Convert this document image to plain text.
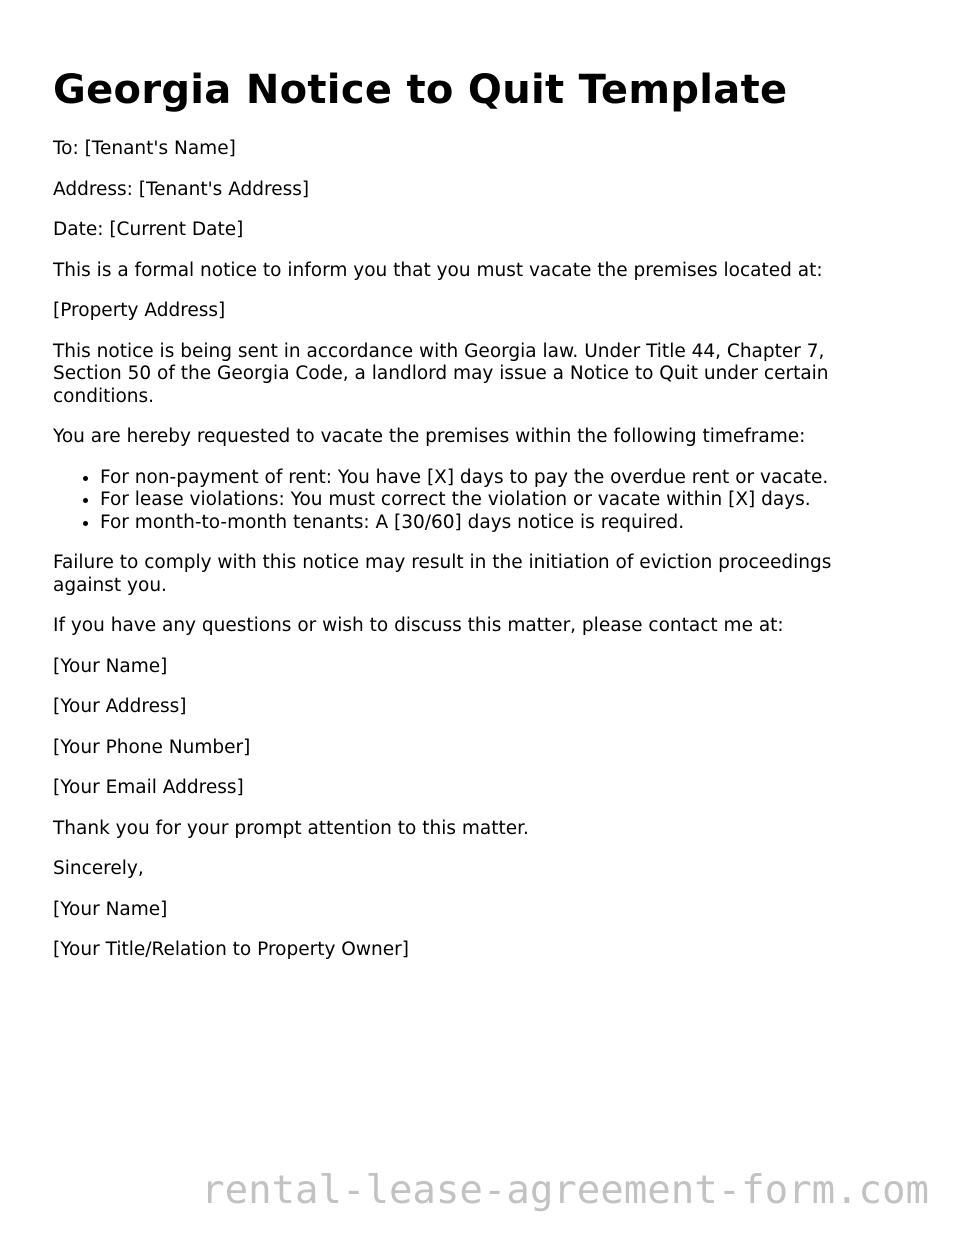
Georgia Notice to Quit Template

To: [Tenant's Name]

Address: [Tenant's Address]

Date: [Current Date]

This is a formal notice to inform you that you must vacate the premises located at:

[Property Address]

This notice is being sent in accordance with Georgia law. Under Title 44, Chapter 7, Section 50 of the Georgia Code, a landlord may issue a Notice to Quit under certain conditions.

You are hereby requested to vacate the premises within the following timeframe:

• For non-payment of rent: You have [X] days to pay the overdue rent or vacate.
• For lease violations: You must correct the violation or vacate within [X] days.
• For month-to-month tenants: A [30/60] days notice is required.

Failure to comply with this notice may result in the initiation of eviction proceedings against you.

If you have any questions or wish to discuss this matter, please contact me at:

[Your Name]

[Your Address]

[Your Phone Number]

[Your Email Address]

Thank you for your prompt attention to this matter.

Sincerely,

[Your Name]

[Your Title/Relation to Property Owner]

rental-lease-agreement-form.com
